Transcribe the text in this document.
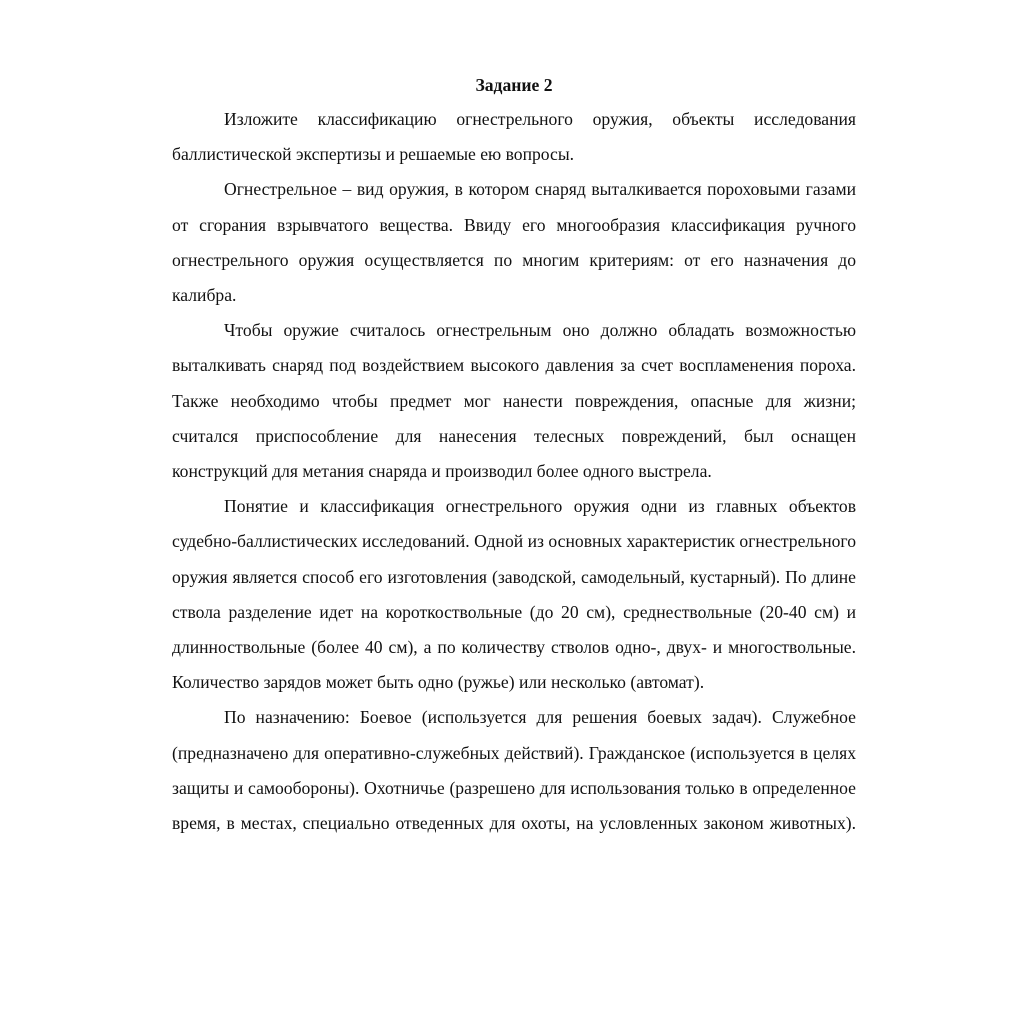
Задание 2

Изложите классификацию огнестрельного оружия, объекты исследования баллистической экспертизы и решаемые ею вопросы.

Огнестрельное – вид оружия, в котором снаряд выталкивается пороховыми газами от сгорания взрывчатого вещества. Ввиду его многообразия классификация ручного огнестрельного оружия осуществляется по многим критериям: от его назначения до калибра.

Чтобы оружие считалось огнестрельным оно должно обладать возможностью выталкивать снаряд под воздействием высокого давления за счет воспламенения пороха. Также необходимо чтобы предмет мог нанести повреждения, опасные для жизни; считался приспособление для нанесения телесных повреждений, был оснащен конструкций для метания снаряда и производил более одного выстрела.

Понятие и классификация огнестрельного оружия одни из главных объектов судебно-баллистических исследований. Одной из основных характеристик огнестрельного оружия является способ его изготовления (заводской, самодельный, кустарный). По длине ствола разделение идет на короткоствольные (до 20 см), среднествольные (20-40 см) и длинноствольные (более 40 см), а по количеству стволов одно-, двух- и многоствольные. Количество зарядов может быть одно (ружье) или несколько (автомат).

По назначению: Боевое (используется для решения боевых задач). Служебное (предназначено для оперативно-служебных действий). Гражданское (используется в целях защиты и самообороны). Охотничье (разрешено для использования только в определенное время, в местах, специально отведенных для охоты, на условленных законом животных).
